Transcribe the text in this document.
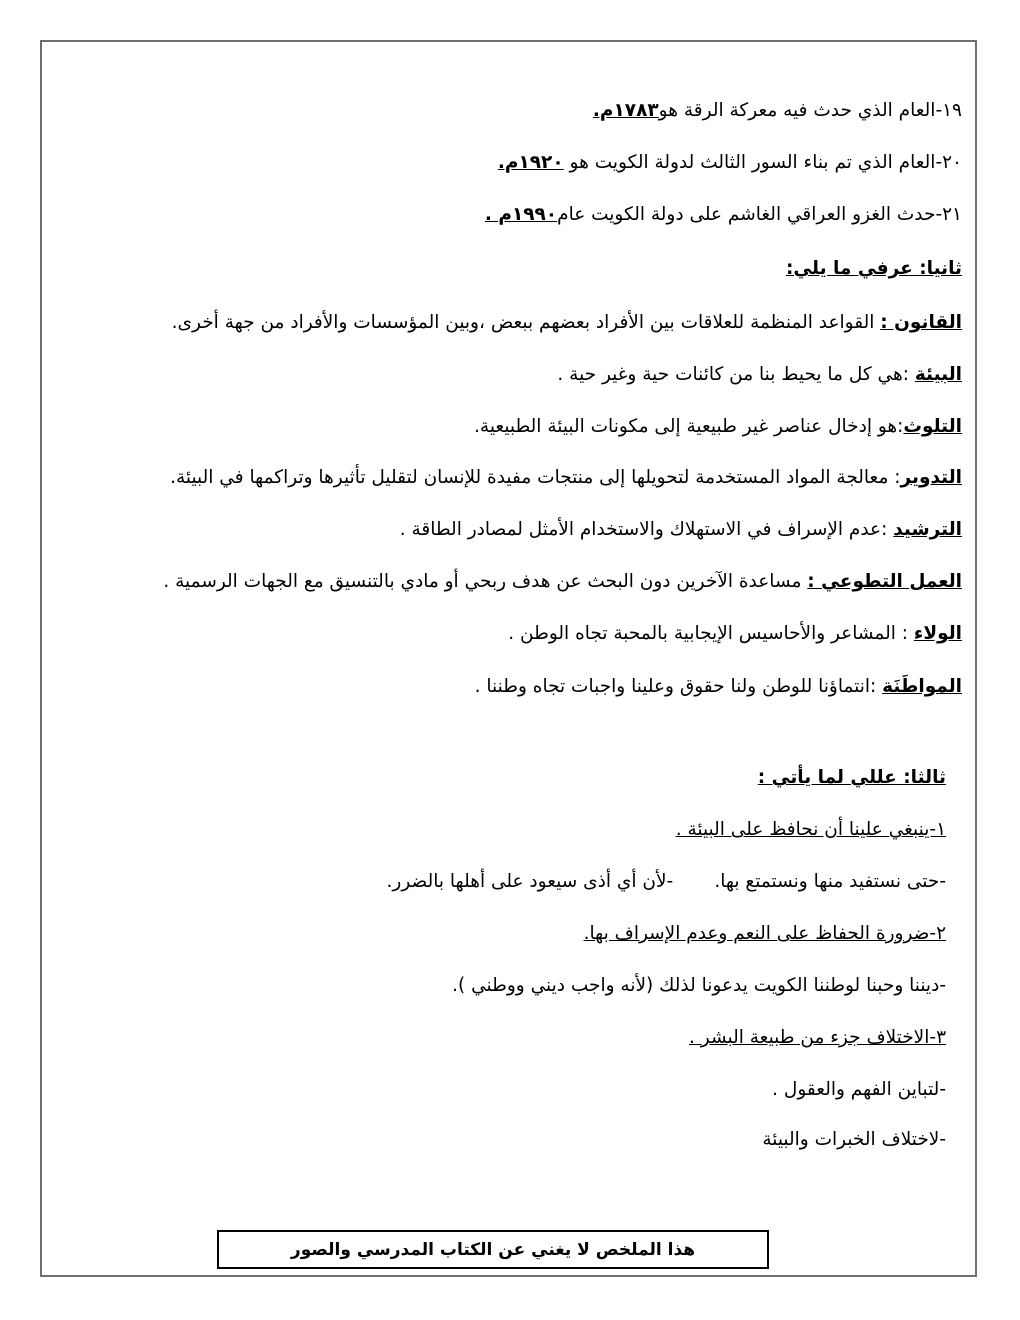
١٩-العام الذي حدث فيه معركة الرقة هو١٧٨٣م.
٢٠-العام الذي تم بناء السور الثالث لدولة الكويت هو ١٩٢٠م.
٢١-حدث الغزو العراقي الغاشم على دولة الكويت عام١٩٩٠م .
ثانيا: عرفي ما يلي:
القانون : القواعد المنظمة للعلاقات بين الأفراد بعضهم ببعض ،وبين المؤسسات والأفراد من جهة أخرى.
البيئة :هي كل ما يحيط بنا من كائنات حية وغير حية .
التلوث:هو إدخال عناصر غير طبيعية إلى مكونات البيئة الطبيعية.
التدوير: معالجة المواد المستخدمة لتحويلها إلى منتجات مفيدة للإنسان لتقليل تأثيرها وتراكمها في البيئة.
الترشيد :عدم الإسراف في الاستهلاك والاستخدام الأمثل لمصادر الطاقة .
العمل التطوعي : مساعدة الآخرين دون البحث عن هدف ربحي أو مادي بالتنسيق مع الجهات الرسمية .
الولاء : المشاعر والأحاسيس الإيجابية بالمحبة تجاه الوطن .
المواطَنَة :انتماؤنا للوطن ولنا حقوق وعلينا واجبات تجاه وطننا .
ثالثا: عللي لما يأتي :
١-ينبغي علينا أن نحافظ على البيئة .
-حتى نستفيد منها ونستمتع بها.       -لأن أي أذى سيعود على أهلها بالضرر.
٢-ضرورة الحفاظ على النعم وعدم الإسراف بها.
-ديننا وحبنا لوطننا الكويت يدعونا لذلك (لأنه واجب ديني ووطني ).
٣-الاختلاف جزء من طبيعة البشر .
-لتباين الفهم والعقول .
-لاختلاف الخبرات والبيئة
هذا الملخص لا يغني عن الكتاب المدرسي والصور
